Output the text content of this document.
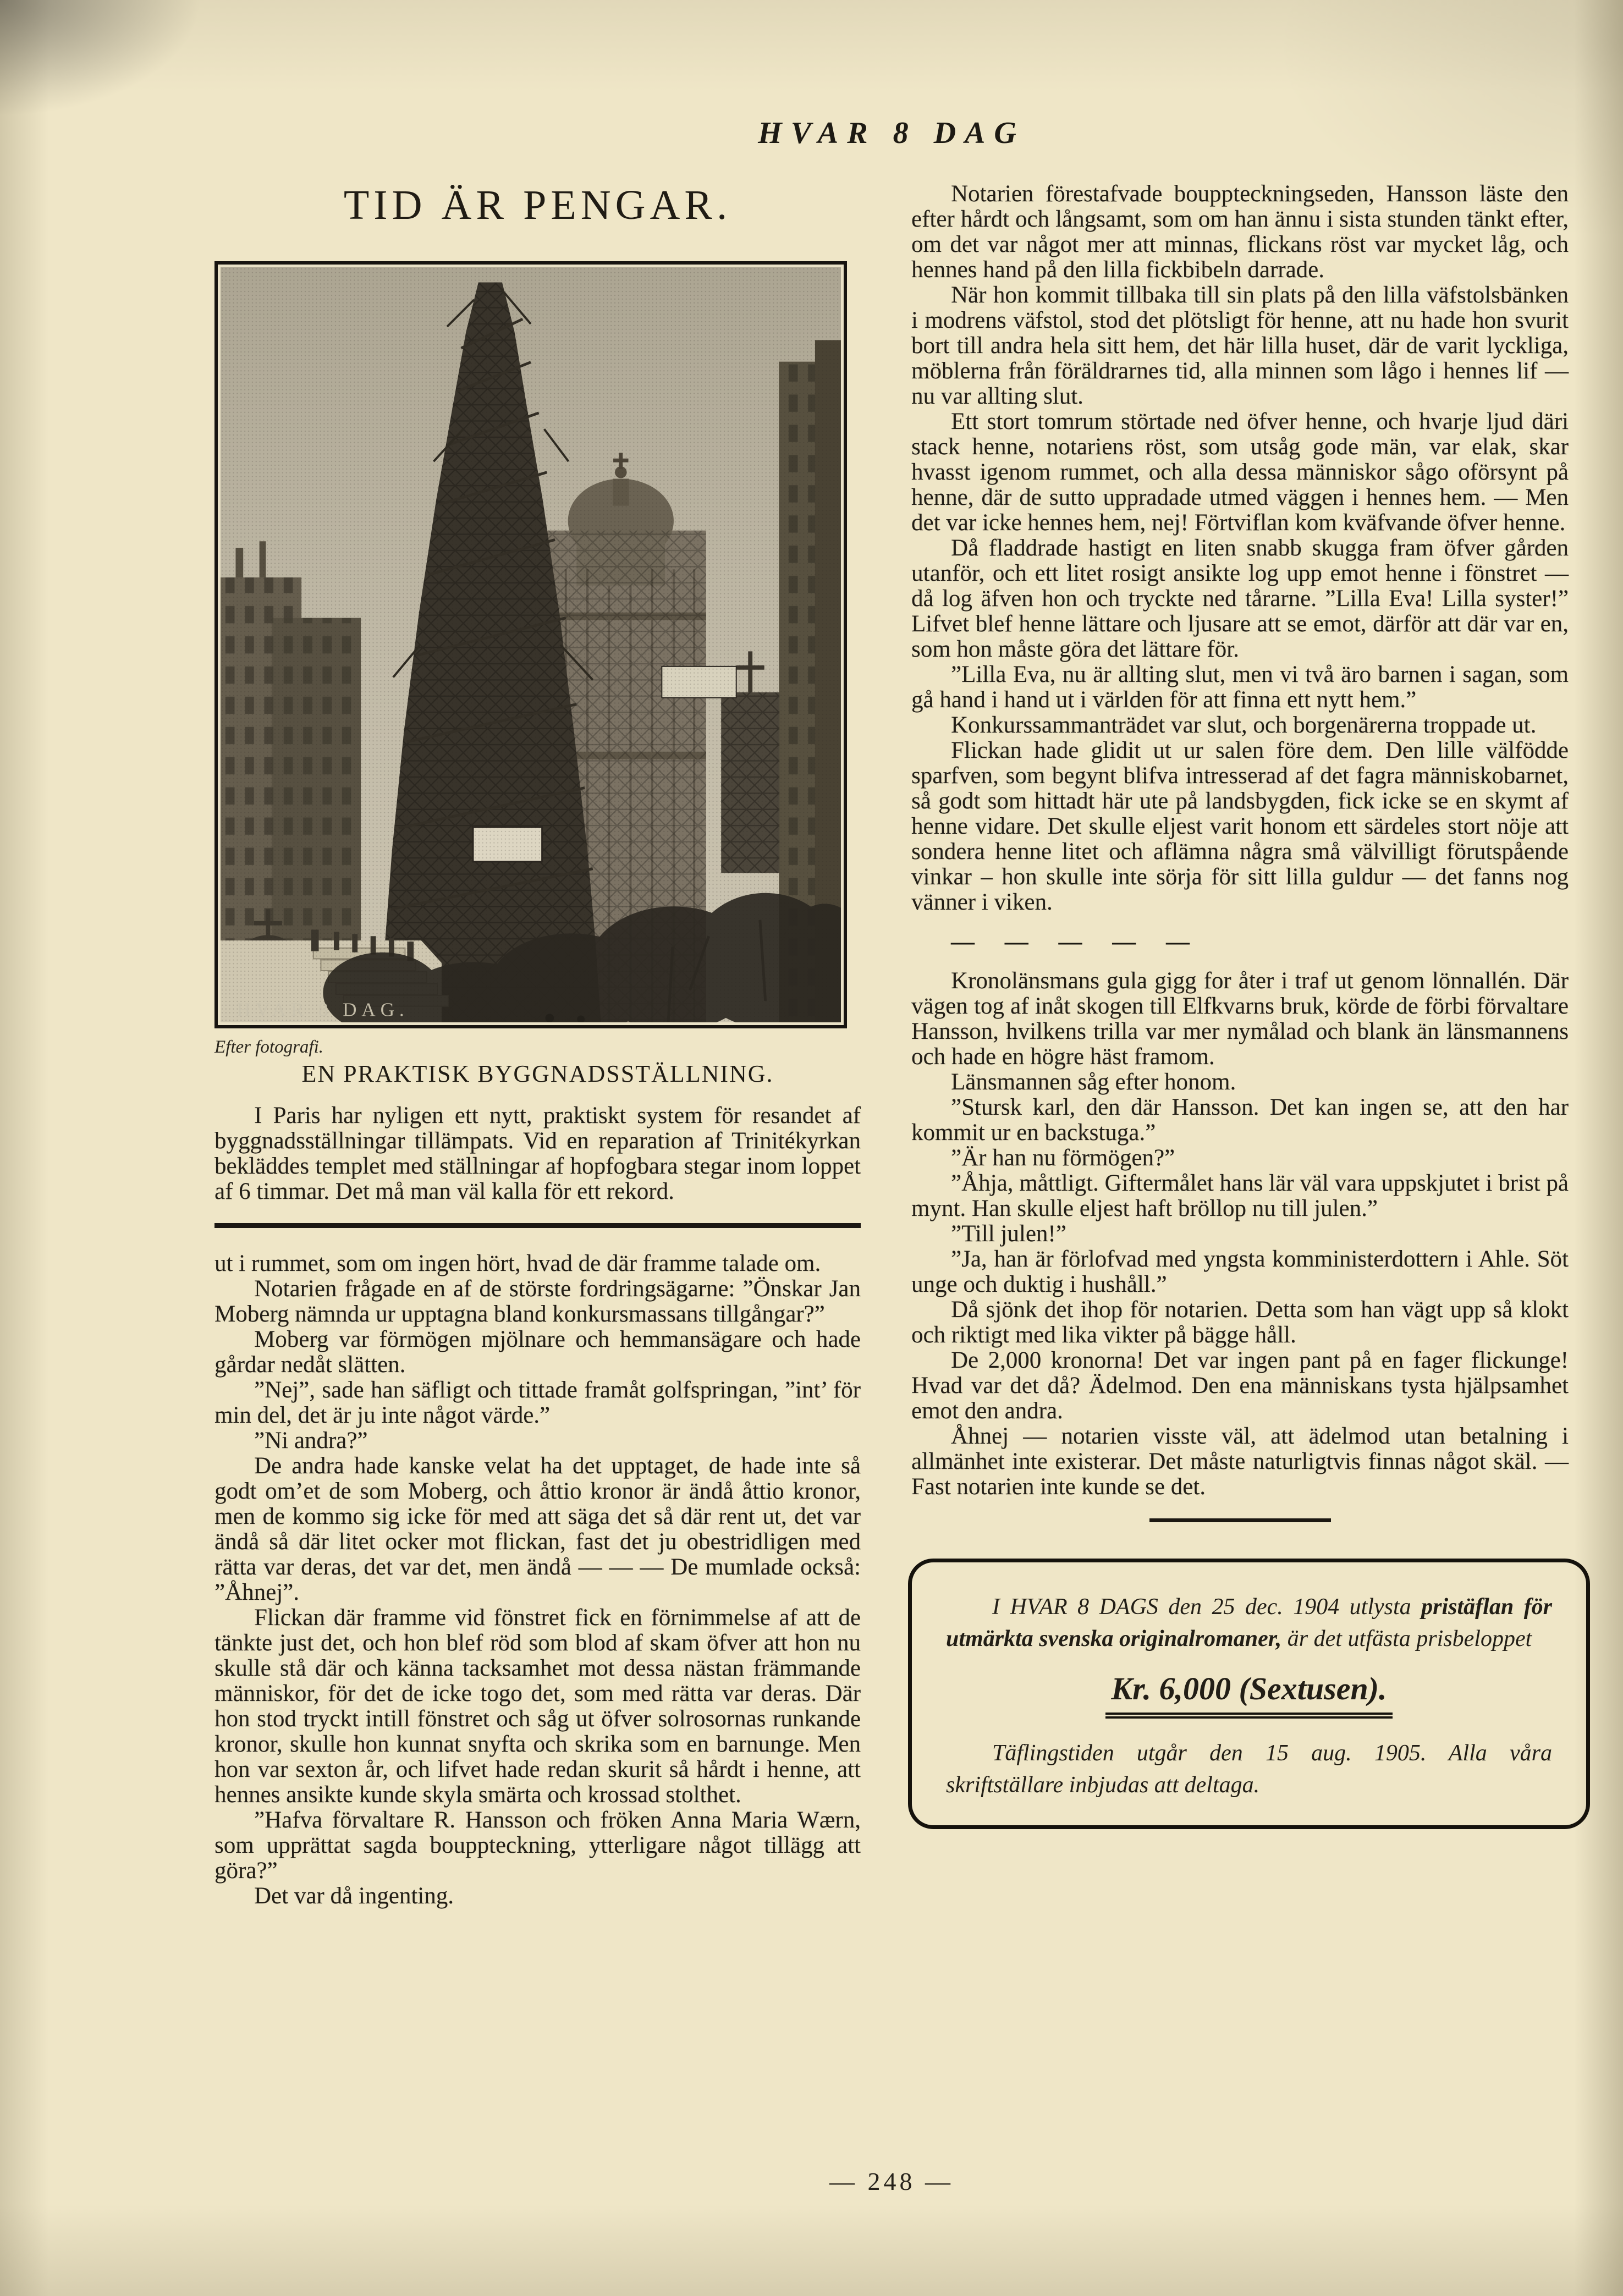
HVAR 8 DAG
TID ÄR PENGAR.
HVAR 8 DAG.
Efter fotografi.
EN PRAKTISK BYGGNADSSTÄLLNING.

I Paris har nyligen ett nytt, praktiskt system för resandet af byggnadsställningar tillämpats. Vid en reparation af Trinitékyrkan bekläddes templet med ställningar af hopfogbara stegar inom loppet af 6 timmar. Det må man väl kalla för ett rekord.

ut i rummet, som om ingen hört, hvad de där framme talade om.

Notarien frågade en af de störste fordringsägarne: ”Önskar Jan Moberg nämnda ur upptagna bland konkursmassans tillgångar?”

Moberg var förmögen mjölnare och hemmansägare och hade gårdar nedåt slätten.

”Nej”, sade han säfligt och tittade framåt golfspringan, ”int’ för min del, det är ju inte något värde.”

”Ni andra?”

De andra hade kanske velat ha det upptaget, de hade inte så godt om’et de som Moberg, och åttio kronor är ändå åttio kronor, men de kommo sig icke för med att säga det så där rent ut, det var ändå så där litet ocker mot flickan, fast det ju obestridligen med rätta var deras, det var det, men ändå — — — De mumlade också: ”Åhnej”.

Flickan där framme vid fönstret fick en förnimmelse af att de tänkte just det, och hon blef röd som blod af skam öfver att hon nu skulle stå där och känna tacksamhet mot dessa nästan främmande människor, för det de icke togo det, som med rätta var deras. Där hon stod tryckt intill fönstret och såg ut öfver solrosornas runkande kronor, skulle hon kunnat snyfta och skrika som en barnunge. Men hon var sexton år, och lifvet hade redan skurit så hårdt i henne, att hennes ansikte kunde skyla smärta och krossad stolthet.

”Hafva förvaltare R. Hansson och fröken Anna Maria Wærn, som upprättat sagda bouppteckning, ytterligare något tillägg att göra?”

Det var då ingenting.

Notarien förestafvade bouppteckningseden, Hansson läste den efter hårdt och långsamt, som om han ännu i sista stunden tänkt efter, om det var något mer att minnas, flickans röst var mycket låg, och hennes hand på den lilla fickbibeln darrade.

När hon kommit tillbaka till sin plats på den lilla väfstolsbänken i modrens väfstol, stod det plötsligt för henne, att nu hade hon svurit bort till andra hela sitt hem, det här lilla huset, där de varit lyckliga, möblerna från föräldrarnes tid, alla minnen som lågo i hennes lif — nu var allting slut.

Ett stort tomrum störtade ned öfver henne, och hvarje ljud däri stack henne, notariens röst, som utsåg gode män, var elak, skar hvasst igenom rummet, och alla dessa människor sågo oförsynt på henne, där de sutto uppradade utmed väggen i hennes hem. — Men det var icke hennes hem, nej! Förtviflan kom kväfvande öfver henne.

Då fladdrade hastigt en liten snabb skugga fram öfver gården utanför, och ett litet rosigt ansikte log upp emot henne i fönstret — då log äfven hon och tryckte ned tårarne. ”Lilla Eva! Lilla syster!” Lifvet blef henne lättare och ljusare att se emot, därför att där var en, som hon måste göra det lättare för.

”Lilla Eva, nu är allting slut, men vi två äro barnen i sagan, som gå hand i hand ut i världen för att finna ett nytt hem.”

Konkurssammanträdet var slut, och borgenärerna troppade ut.

Flickan hade glidit ut ur salen före dem. Den lille välfödde sparfven, som begynt blifva intresserad af det fagra människobarnet, så godt som hittadt här ute på landsbygden, fick icke se en skymt af henne vidare. Det skulle eljest varit honom ett särdeles stort nöje att sondera henne litet och aflämna några små välvilligt förutspående vinkar – hon skulle inte sörja för sitt lilla guldur — det fanns nog vänner i viken.

— — — — —

Kronolänsmans gula gigg for åter i traf ut genom lönnallén. Där vägen tog af inåt skogen till Elfkvarns bruk, körde de förbi förvaltare Hansson, hvilkens trilla var mer nymålad och blank än länsmannens och hade en högre häst framom.

Länsmannen såg efter honom.

”Stursk karl, den där Hansson. Det kan ingen se, att den har kommit ur en backstuga.”

”Är han nu förmögen?”

”Åhja, måttligt. Giftermålet hans lär väl vara uppskjutet i brist på mynt. Han skulle eljest haft bröllop nu till julen.”

”Till julen!”

”Ja, han är förlofvad med yngsta komministerdottern i Ahle. Söt unge och duktig i hushåll.”

Då sjönk det ihop för notarien. Detta som han vägt upp så klokt och riktigt med lika vikter på bägge håll.

De 2,000 kronorna! Det var ingen pant på en fager flickunge! Hvad var det då? Ädelmod. Den ena människans tysta hjälpsamhet emot den andra.

Åhnej — notarien visste väl, att ädelmod utan betalning i allmänhet inte existerar. Det måste naturligtvis finnas något skäl. — Fast notarien inte kunde se det.

I HVAR 8 DAGS den 25 dec. 1904 utlysta pristäflan för utmärkta svenska originalromaner, är det utfästa prisbeloppet

Kr. 6,000 (Sextusen).

Täflingstiden utgår den 15 aug. 1905. Alla våra skriftställare inbjudas att deltaga.

— 248 —
